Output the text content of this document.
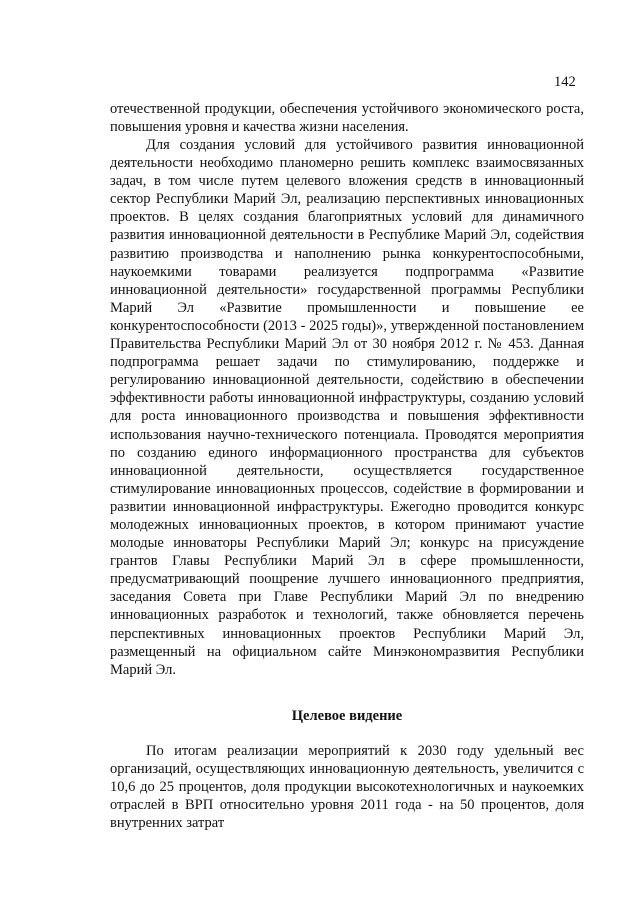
142

отечественной продукции, обеспечения устойчивого экономического роста, повышения уровня и качества жизни населения.

Для создания условий для устойчивого развития инновационной деятельности необходимо планомерно решить комплекс взаимосвязанных задач, в том числе путем целевого вложения средств в инновационный сектор Республики Марий Эл, реализацию перспективных инновационных проектов. В целях создания благоприятных условий для динамичного развития инновационной деятельности в Республике Марий Эл, содействия развитию производства и наполнению рынка конкурентоспособными, наукоемкими товарами реализуется подпрограмма «Развитие инновационной деятельности» государственной программы Республики Марий Эл «Развитие промышленности и повышение ее конкурентоспособности (2013 - 2025 годы)», утвержденной постановлением Правительства Республики Марий Эл от 30 ноября 2012 г. № 453. Данная подпрограмма решает задачи по стимулированию, поддержке и регулированию инновационной деятельности, содействию в обеспечении эффективности работы инновационной инфраструктуры, созданию условий для роста инновационного производства и повышения эффективности использования научно-технического потенциала. Проводятся мероприятия по созданию единого информационного пространства для субъектов инновационной деятельности, осуществляется государственное стимулирование инновационных процессов, содействие в формировании и развитии инновационной инфраструктуры. Ежегодно проводится конкурс молодежных инновационных проектов, в котором принимают участие молодые инноваторы Республики Марий Эл; конкурс на присуждение грантов Главы Республики Марий Эл в сфере промышленности, предусматривающий поощрение лучшего инновационного предприятия, заседания Совета при Главе Республики Марий Эл по внедрению инновационных разработок и технологий, также обновляется перечень перспективных инновационных проектов Республики Марий Эл, размещенный на официальном сайте Минэкономразвития Республики Марий Эл.

Целевое видение

По итогам реализации мероприятий к 2030 году удельный вес организаций, осуществляющих инновационную деятельность, увеличится с 10,6 до 25 процентов, доля продукции высокотехнологичных и наукоемких отраслей в ВРП относительно уровня 2011 года - на 50 процентов, доля внутренних затрат
